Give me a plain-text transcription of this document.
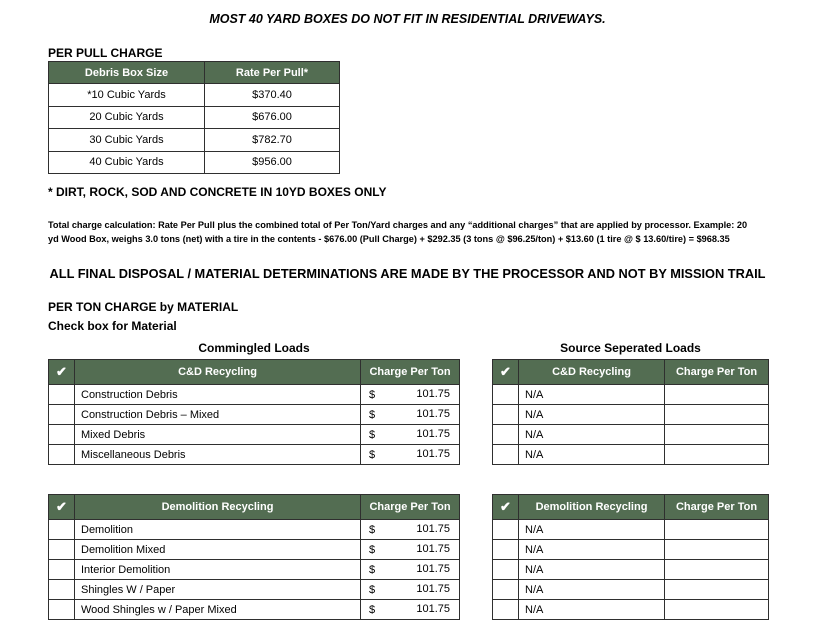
MOST 40 YARD BOXES DO NOT FIT IN RESIDENTIAL DRIVEWAYS.
PER PULL CHARGE
Debris Box Size	Rate Per Pull*
*10 Cubic Yards	$370.40
20 Cubic Yards	$676.00
30 Cubic Yards	$782.70
40 Cubic Yards	$956.00
* DIRT, ROCK, SOD AND CONCRETE IN 10YD BOXES ONLY
Total charge calculation: Rate Per Pull plus the combined total of Per Ton/Yard charges and any “additional charges” that are applied by processor. Example: 20
yd Wood Box, weighs 3.0 tons (net) with a tire in the contents - $676.00 (Pull Charge) + $292.35 (3 tons @ $96.25/ton) + $13.60 (1 tire @ $ 13.60/tire) = $968.35
ALL FINAL DISPOSAL / MATERIAL DETERMINATIONS ARE MADE BY THE PROCESSOR AND NOT BY MISSION TRAIL
PER TON CHARGE by MATERIAL
Check box for Material
Commingled Loads	Source Seperated Loads
✔	C&D Recycling	Charge Per Ton
	Construction Debris	$ 101.75

	Construction Debris – Mixed	$ 101.75

	Mixed Debris	$ 101.75

	Miscellaneous Debris	$ 101.75
✔	C&D Recycling	Charge Per Ton
	N/A	
	N/A	
	N/A	
	N/A	
✔	Demolition Recycling	Charge Per Ton
	Demolition	$ 101.75

	Demolition Mixed	$ 101.75

	Interior Demolition	$ 101.75

	Shingles W / Paper	$ 101.75

	Wood Shingles w / Paper Mixed	$ 101.75
✔	Demolition Recycling	Charge Per Ton
	N/A	
	N/A	
	N/A	
	N/A	
	N/A	
